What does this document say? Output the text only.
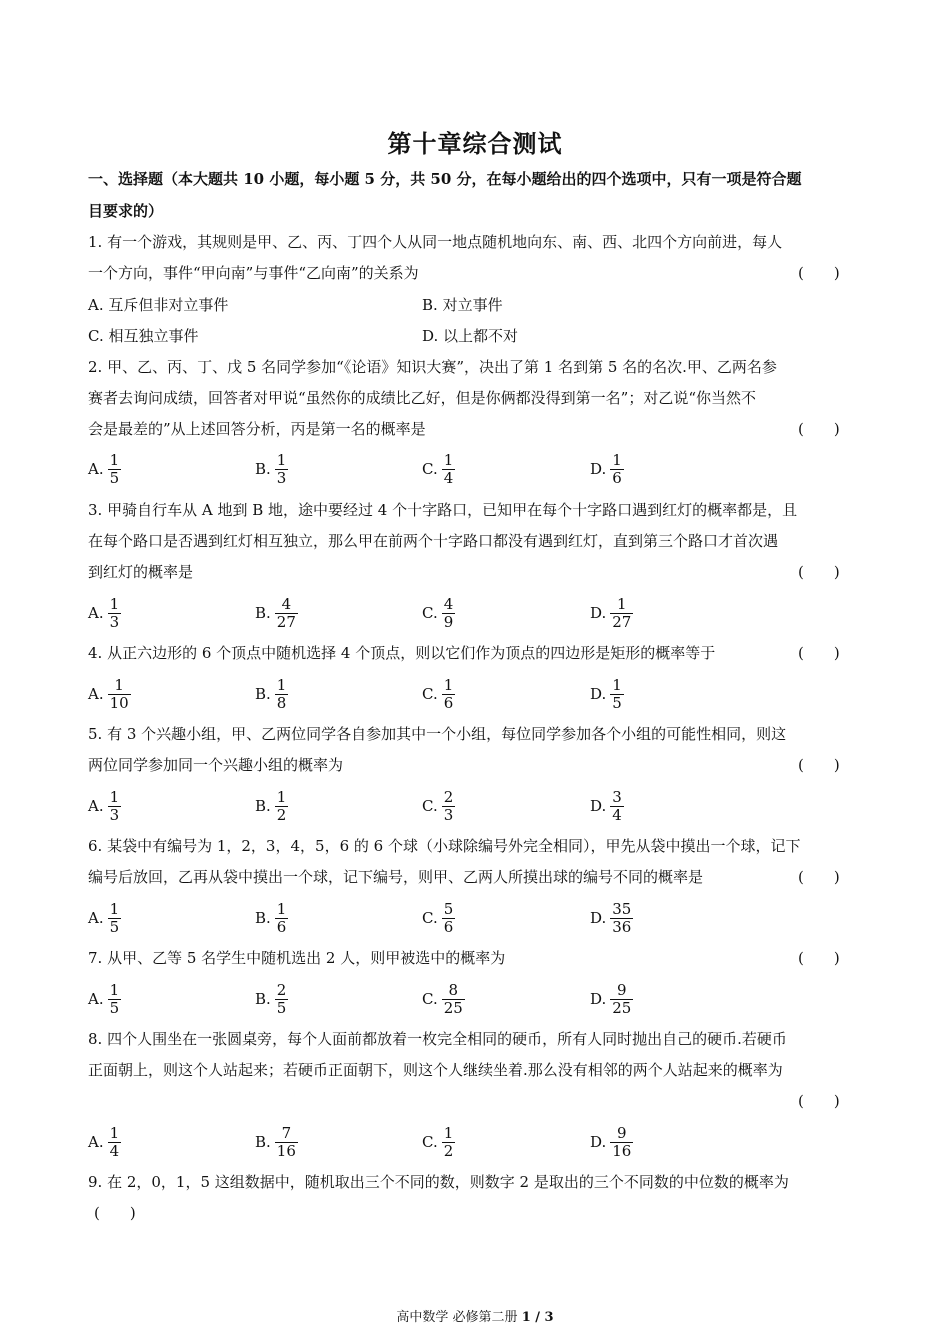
第十章综合测试
一、选择题（本大题共 10 小题，每小题 5 分，共 50 分，在每小题给出的四个选项中，只有一项是符合题
目要求的）
1. 有一个游戏，其规则是甲、乙、丙、丁四个人从同一地点随机地向东、南、西、北四个方向前进，每人
一个方向，事件“甲向南”与事件“乙向南”的关系为	(　　)
A. 互斥但非对立事件	B. 对立事件
C. 相互独立事件	D. 以上都不对
2. 甲、乙、丙、丁、戊 5 名同学参加“《论语》知识大赛”，决出了第 1 名到第 5 名的名次.甲、乙两名参
赛者去询问成绩，回答者对甲说“虽然你的成绩比乙好，但是你俩都没得到第一名”；对乙说“你当然不
会是最差的”从上述回答分析，丙是第一名的概率是	(　　)
A. $\frac{1}{5}$	B. $\frac{1}{3}$	C. $\frac{1}{4}$	D. $\frac{1}{6}$
3. 甲骑自行车从 A 地到 B 地，途中要经过 4 个十字路口，已知甲在每个十字路口遇到红灯的概率都是，且
在每个路口是否遇到红灯相互独立，那么甲在前两个十字路口都没有遇到红灯，直到第三个路口才首次遇
到红灯的概率是	(　　)
A. $\frac{1}{3}$	B. $\frac{4}{27}$	C. $\frac{4}{9}$	D. $\frac{1}{27}$
4. 从正六边形的 6 个顶点中随机选择 4 个顶点，则以它们作为顶点的四边形是矩形的概率等于	(　　)
A. $\frac{1}{10}$	B. $\frac{1}{8}$	C. $\frac{1}{6}$	D. $\frac{1}{5}$
5. 有 3 个兴趣小组，甲、乙两位同学各自参加其中一个小组，每位同学参加各个小组的可能性相同，则这
两位同学参加同一个兴趣小组的概率为	(　　)
A. $\frac{1}{3}$	B. $\frac{1}{2}$	C. $\frac{2}{3}$	D. $\frac{3}{4}$
6. 某袋中有编号为 1，2，3，4，5，6 的 6 个球（小球除编号外完全相同），甲先从袋中摸出一个球，记下
编号后放回，乙再从袋中摸出一个球，记下编号，则甲、乙两人所摸出球的编号不同的概率是	(　　)
A. $\frac{1}{5}$	B. $\frac{1}{6}$	C. $\frac{5}{6}$	D. $\frac{35}{36}$
7. 从甲、乙等 5 名学生中随机选出 2 人，则甲被选中的概率为	(　　)
A. $\frac{1}{5}$	B. $\frac{2}{5}$	C. $\frac{8}{25}$	D. $\frac{9}{25}$
8. 四个人围坐在一张圆桌旁，每个人面前都放着一枚完全相同的硬币，所有人同时抛出自己的硬币.若硬币
正面朝上，则这个人站起来；若硬币正面朝下，则这个人继续坐着.那么没有相邻的两个人站起来的概率为
(　　)
A. $\frac{1}{4}$	B. $\frac{7}{16}$	C. $\frac{1}{2}$	D. $\frac{9}{16}$
9. 在 2，0，1，5 这组数据中，随机取出三个不同的数，则数字 2 是取出的三个不同数的中位数的概率为
(　　)
高中数学 必修第二册 1 / 3
